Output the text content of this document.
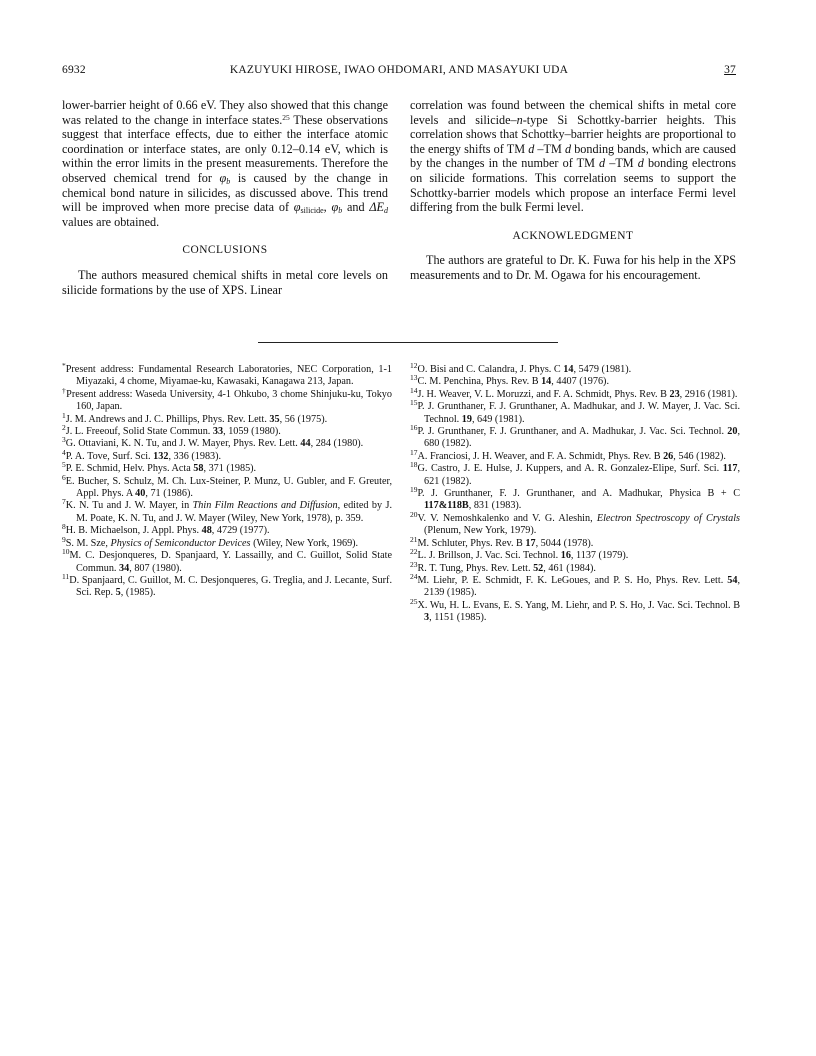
6932	KAZUYUKI HIROSE, IWAO OHDOMARI, AND MASAYUKI UDA	37

lower-barrier height of 0.66 eV. They also showed that this change was related to the change in interface states.$^{25}$ These observations suggest that interface effects, due to either the interface atomic coordination or interface states, are only 0.12–0.14 eV, which is within the error limits in the present measurements. Therefore the observed chemical trend for $\varphi_b$ is caused by the change in chemical bond nature in silicides, as discussed above. This trend will be improved when more precise data of $\varphi_{silicide}$, $\varphi_b$ and $\Delta E_d$ values are obtained.

CONCLUSIONS

The authors measured chemical shifts in metal core levels on silicide formations by the use of XPS. Linear

correlation was found between the chemical shifts in metal core levels and silicide–n-type Si Schottky-barrier heights. This correlation shows that Schottky–barrier heights are proportional to the energy shifts of TM d –TM d bonding bands, which are caused by the changes in the number of TM d –TM d bonding electrons on silicide formations. This correlation seems to support the Schottky-barrier models which propose an interface Fermi level differing from the bulk Fermi level.

ACKNOWLEDGMENT

The authors are grateful to Dr. K. Fuwa for his help in the XPS measurements and to Dr. M. Ogawa for his encouragement.

*Present address: Fundamental Research Laboratories, NEC Corporation, 1-1 Miyazaki, 4 chome, Miyamae-ku, Kawasaki, Kanagawa 213, Japan.

†Present address: Waseda University, 4-1 Ohkubo, 3 chome Shinjuku-ku, Tokyo 160, Japan.

$^1$J. M. Andrews and J. C. Phillips, Phys. Rev. Lett. 35, 56 (1975).

$^2$J. L. Freeouf, Solid State Commun. 33, 1059 (1980).

$^3$G. Ottaviani, K. N. Tu, and J. W. Mayer, Phys. Rev. Lett. 44, 284 (1980).

$^4$P. A. Tove, Surf. Sci. 132, 336 (1983).

$^5$P. E. Schmid, Helv. Phys. Acta 58, 371 (1985).

$^6$E. Bucher, S. Schulz, M. Ch. Lux-Steiner, P. Munz, U. Gubler, and F. Greuter, Appl. Phys. A 40, 71 (1986).

$^7$K. N. Tu and J. W. Mayer, in Thin Film Reactions and Diffusion, edited by J. M. Poate, K. N. Tu, and J. W. Mayer (Wiley, New York, 1978), p. 359.

$^8$H. B. Michaelson, J. Appl. Phys. 48, 4729 (1977).

$^9$S. M. Sze, Physics of Semiconductor Devices (Wiley, New York, 1969).

$^{10}$M. C. Desjonqueres, D. Spanjaard, Y. Lassailly, and C. Guillot, Solid State Commun. 34, 807 (1980).

$^{11}$D. Spanjaard, C. Guillot, M. C. Desjonqueres, G. Treglia, and J. Lecante, Surf. Sci. Rep. 5, (1985).

$^{12}$O. Bisi and C. Calandra, J. Phys. C 14, 5479 (1981).

$^{13}$C. M. Penchina, Phys. Rev. B 14, 4407 (1976).

$^{14}$J. H. Weaver, V. L. Moruzzi, and F. A. Schmidt, Phys. Rev. B 23, 2916 (1981).

$^{15}$P. J. Grunthaner, F. J. Grunthaner, A. Madhukar, and J. W. Mayer, J. Vac. Sci. Technol. 19, 649 (1981).

$^{16}$P. J. Grunthaner, F. J. Grunthaner, and A. Madhukar, J. Vac. Sci. Technol. 20, 680 (1982).

$^{17}$A. Franciosi, J. H. Weaver, and F. A. Schmidt, Phys. Rev. B 26, 546 (1982).

$^{18}$G. Castro, J. E. Hulse, J. Kuppers, and A. R. Gonzalez-Elipe, Surf. Sci. 117, 621 (1982).

$^{19}$P. J. Grunthaner, F. J. Grunthaner, and A. Madhukar, Physica B + C 117&118B, 831 (1983).

$^{20}$V. V. Nemoshkalenko and V. G. Aleshin, Electron Spectroscopy of Crystals (Plenum, New York, 1979).

$^{21}$M. Schluter, Phys. Rev. B 17, 5044 (1978).

$^{22}$L. J. Brillson, J. Vac. Sci. Technol. 16, 1137 (1979).

$^{23}$R. T. Tung, Phys. Rev. Lett. 52, 461 (1984).

$^{24}$M. Liehr, P. E. Schmidt, F. K. LeGoues, and P. S. Ho, Phys. Rev. Lett. 54, 2139 (1985).

$^{25}$X. Wu, H. L. Evans, E. S. Yang, M. Liehr, and P. S. Ho, J. Vac. Sci. Technol. B 3, 1151 (1985).
